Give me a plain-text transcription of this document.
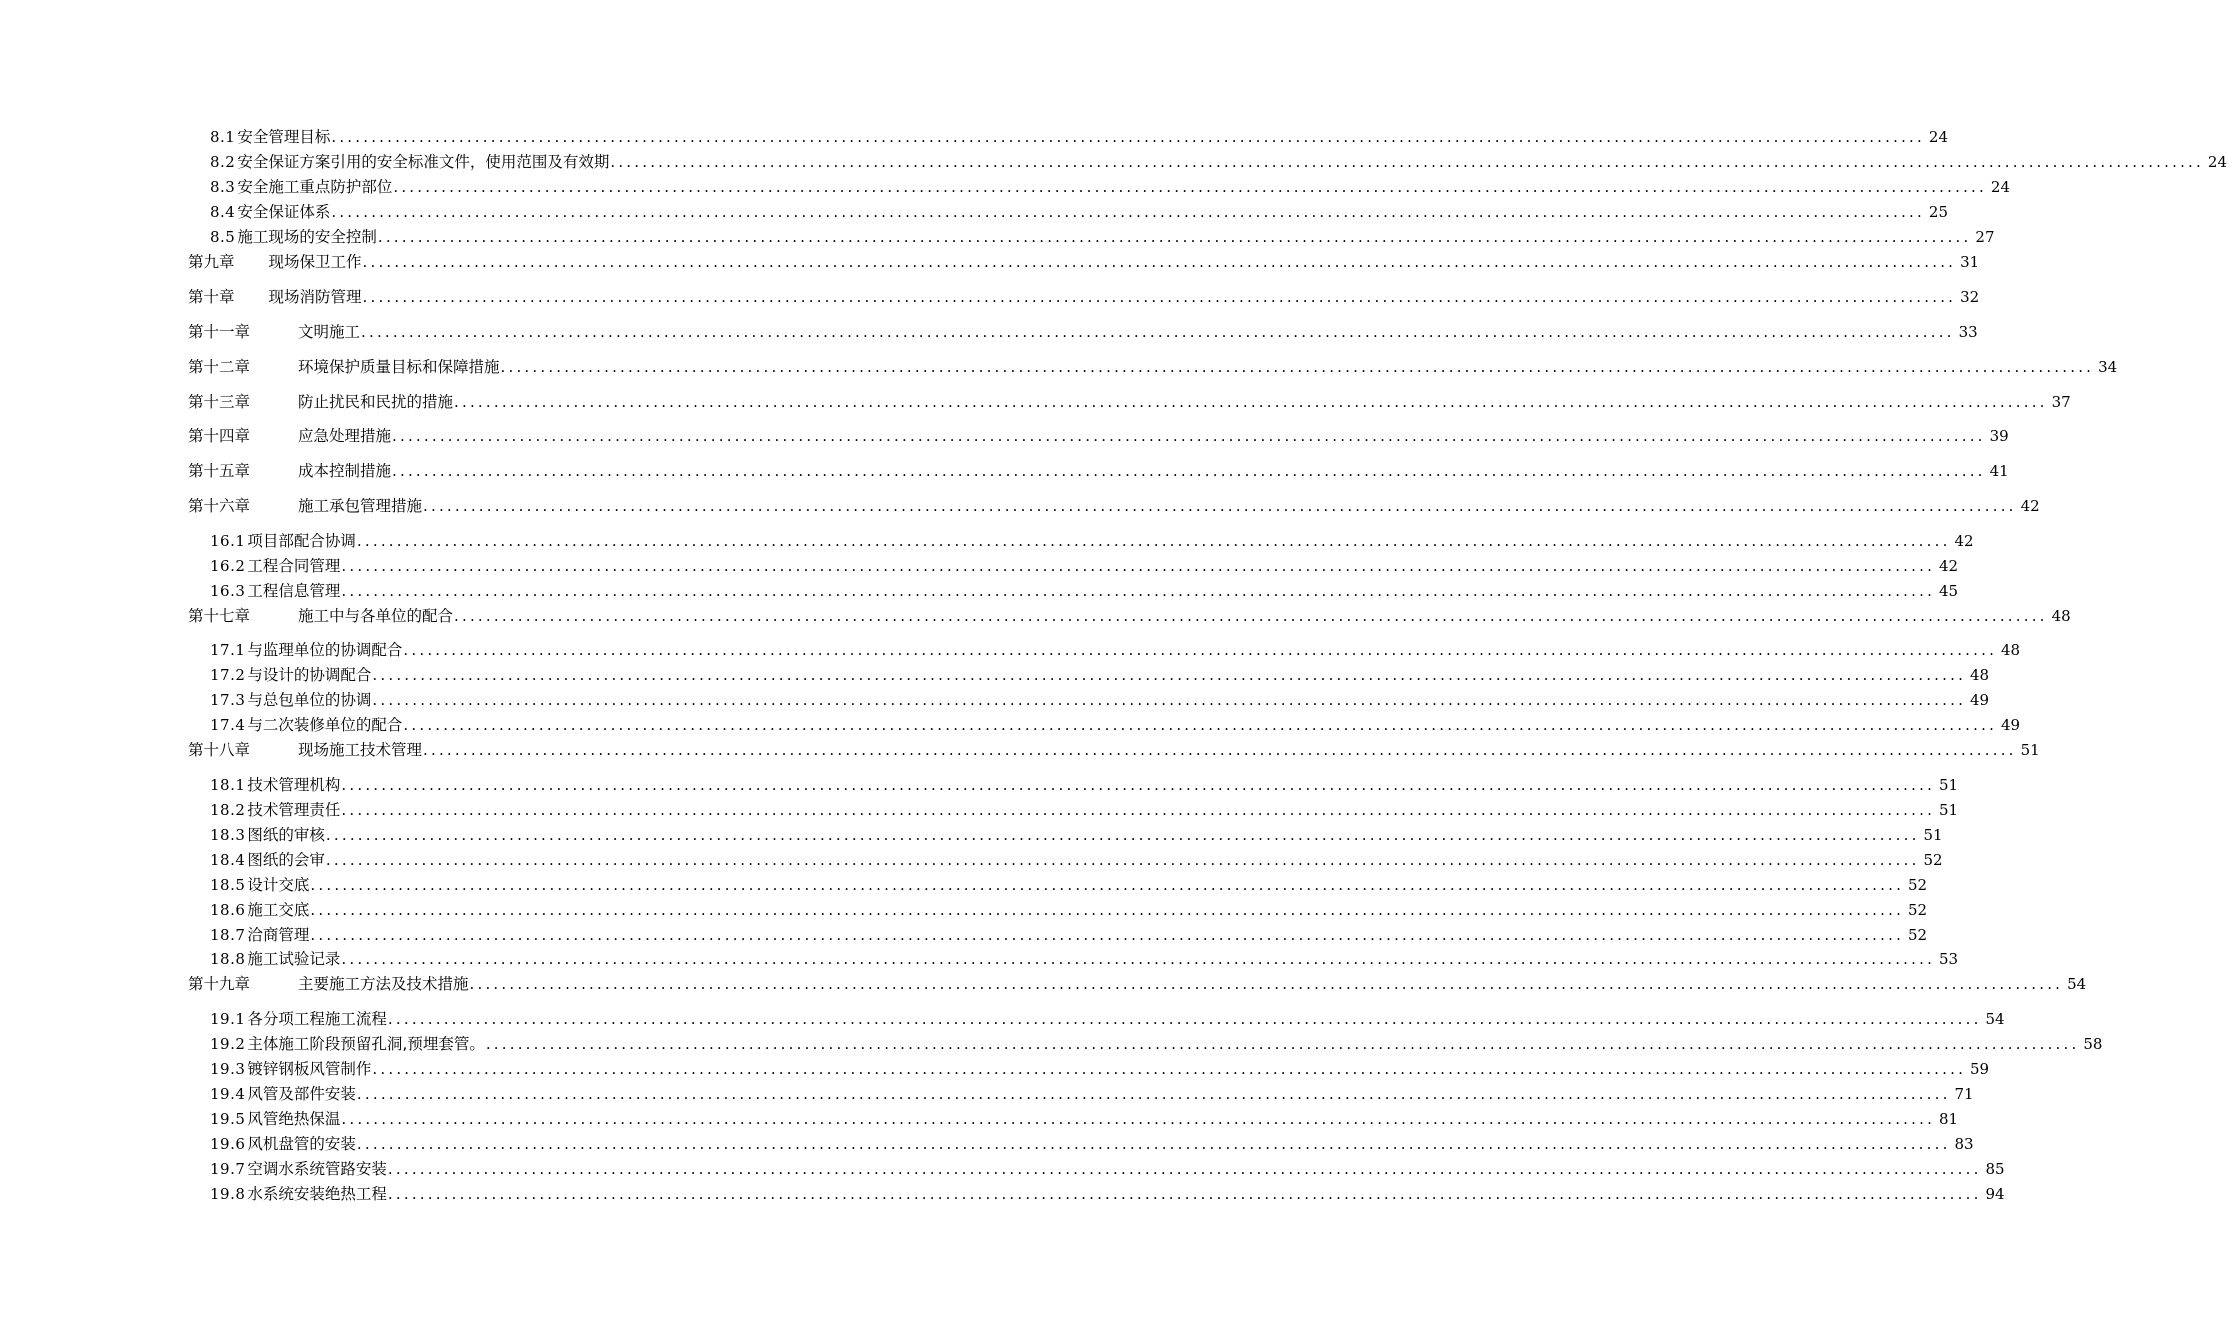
8.1 安全管理目标 ........................................................................................................................................................................................................ 24
8.2 安全保证方案引用的安全标准文件，使用范围及有效期 ........................................................................................................................................................................................................ 24
8.3 安全施工重点防护部位 ........................................................................................................................................................................................................ 24
8.4 安全保证体系 ........................................................................................................................................................................................................ 25
8.5 施工现场的安全控制 ........................................................................................................................................................................................................ 27
第九章 现场保卫工作 ........................................................................................................................................................................................................ 31
第十章 现场消防管理 ........................................................................................................................................................................................................ 32
第十一章	文明施工 ........................................................................................................................................................................................................ 33
第十二章	环境保护质量目标和保障措施 ........................................................................................................................................................................................................ 34
第十三章	防止扰民和民扰的措施 ........................................................................................................................................................................................................ 37
第十四章	应急处理措施 ........................................................................................................................................................................................................ 39
第十五章	成本控制措施 ........................................................................................................................................................................................................ 41
第十六章	施工承包管理措施 ........................................................................................................................................................................................................ 42
16.1 项目部配合协调 ........................................................................................................................................................................................................ 42
16.2 工程合同管理 ........................................................................................................................................................................................................ 42
16.3 工程信息管理 ........................................................................................................................................................................................................ 45
第十七章	施工中与各单位的配合 ........................................................................................................................................................................................................ 48
17.1 与监理单位的协调配合 ........................................................................................................................................................................................................ 48
17.2 与设计的协调配合 ........................................................................................................................................................................................................ 48
17.3 与总包单位的协调 ........................................................................................................................................................................................................ 49
17.4 与二次装修单位的配合 ........................................................................................................................................................................................................ 49
第十八章	现场施工技术管理 ........................................................................................................................................................................................................ 51
18.1 技术管理机构 ........................................................................................................................................................................................................ 51
18.2 技术管理责任 ........................................................................................................................................................................................................ 51
18.3 图纸的审核 ........................................................................................................................................................................................................ 51
18.4 图纸的会审 ........................................................................................................................................................................................................ 52
18.5 设计交底 ........................................................................................................................................................................................................ 52
18.6 施工交底 ........................................................................................................................................................................................................ 52
18.7 洽商管理 ........................................................................................................................................................................................................ 52
18.8 施工试验记录 ........................................................................................................................................................................................................ 53
第十九章	主要施工方法及技术措施 ........................................................................................................................................................................................................ 54
19.1 各分项工程施工流程 ........................................................................................................................................................................................................ 54
19.2 主体施工阶段预留孔洞,预埋套管。 ........................................................................................................................................................................................................ 58
19.3 镀锌钢板风管制作 ........................................................................................................................................................................................................ 59
19.4 风管及部件安装 ........................................................................................................................................................................................................ 71
19.5 风管绝热保温 ........................................................................................................................................................................................................ 81
19.6 风机盘管的安装 ........................................................................................................................................................................................................ 83
19.7 空调水系统管路安装 ........................................................................................................................................................................................................ 85
19.8 水系统安装绝热工程 ........................................................................................................................................................................................................ 94
